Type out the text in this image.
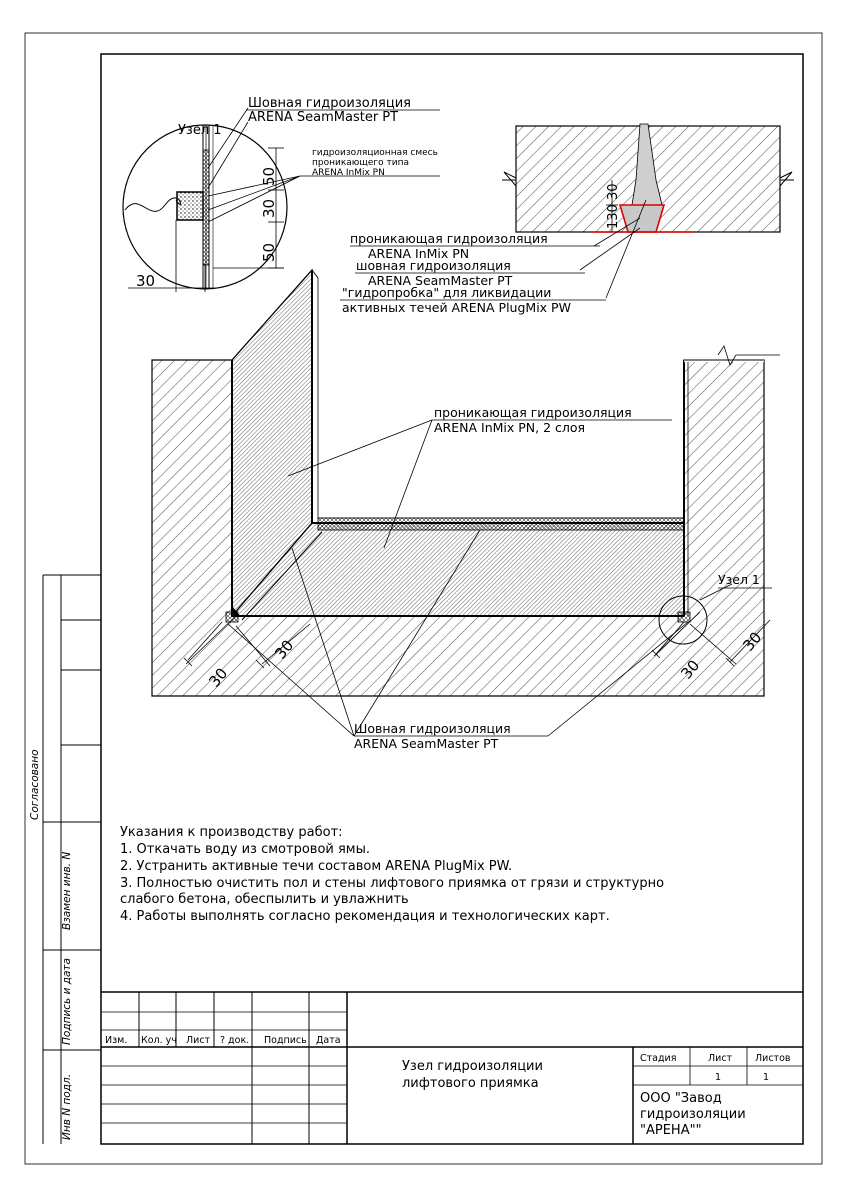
Согласовано
Взамен инв. N
Подпись и дата
Инв N подл.
Узел 1
Шовная гидроизоляция
ARENA SeamMaster PT
гидроизоляционная смесь
проникающего типа
ARENA InMix PN
50
30
50
30
130 30
проникающая гидроизоляция
ARENA InMix PN
шовная гидроизоляция
ARENA SeamMaster PT
"гидропробка" для ликвидации
активных течей ARENA PlugMix PW
Узел 1
30
30
30
30
проникающая гидроизоляция
ARENA InMix PN, 2 слоя
Шовная гидроизоляция
ARENA SeamMaster PT
Указания к производству работ:
1. Откачать воду из смотровой ямы.
2. Устранить активные течи составом ARENA PlugMix PW.
3. Полностью очистить пол и стены лифтового приямка от грязи и структурно
слабого бетона, обеспылить и увлажнить
4. Работы выполнять согласно рекомендация и технологических карт.
Изм. Кол. уч Лист ? док. Подпись Дата
Узел гидроизоляции
лифтового приямка
Стадия	Лист Листов
1	1
ООО "Завод
гидроизоляции
"АРЕНА""
